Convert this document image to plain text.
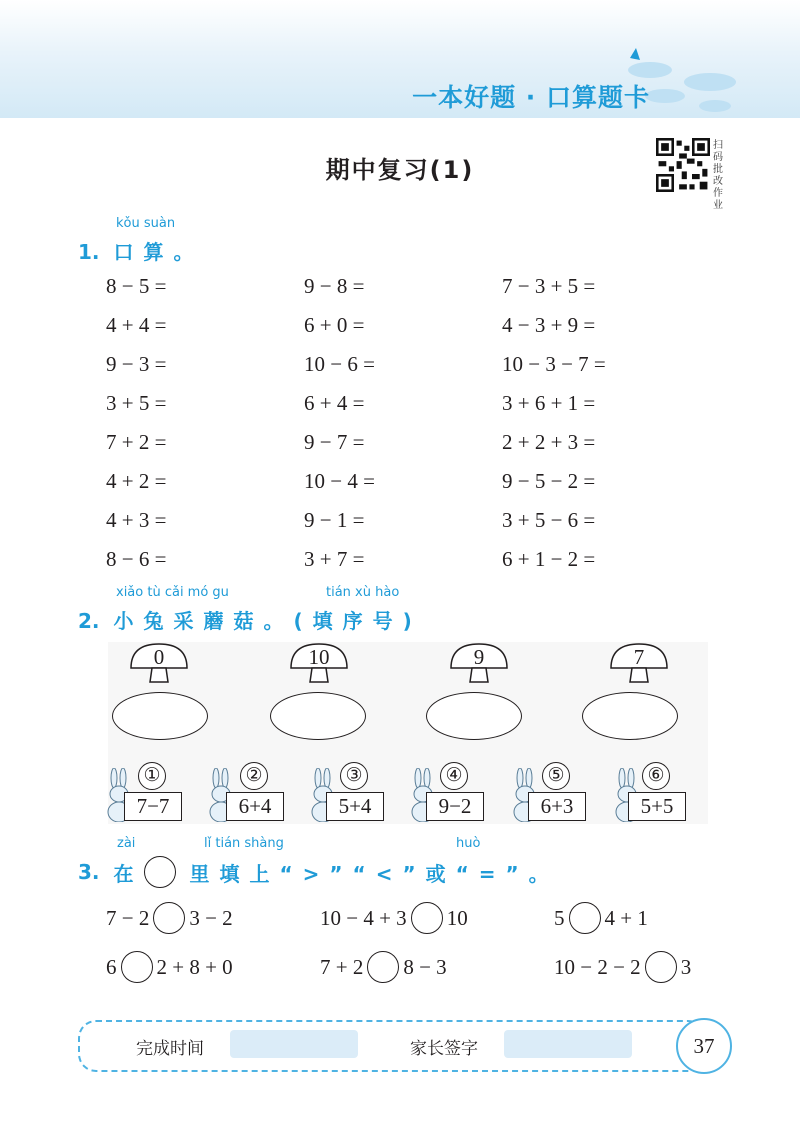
一本好题 · 口算题卡
期中复习(1)
扫码批改作业
kǒu suàn
1. 口算。
8 − 5 =	9 − 8 =	7 − 3 + 5 =
4 + 4 =	6 + 0 =	4 − 3 + 9 =
9 − 3 =	10 − 6 =	10 − 3 − 7 =
3 + 5 =	6 + 4 =	3 + 6 + 1 =
7 + 2 =	9 − 7 =	2 + 2 + 3 =
4 + 2 =	10 − 4 =	9 − 5 − 2 =
4 + 3 =	9 − 1 =	3 + 5 − 6 =
8 − 6 =	3 + 7 =	6 + 1 − 2 =
xiǎo tù cǎi mó gu	tián xù hào
2. 小兔采蘑菇。(填序号)
0	10	9	7
①
7−7
②
6+4
③
5+4
④
9−2
⑤
6+3
⑥
5+5
zài	lǐ tián shàng	huò
3. 在 里填上“>”“<”或“=”。
7 − 2 3 − 2	10 − 4 + 3 10	5 4 + 1
6 2 + 8 + 0	7 + 2 8 − 3	10 − 2 − 2 3
完成时间	家长签字	37
